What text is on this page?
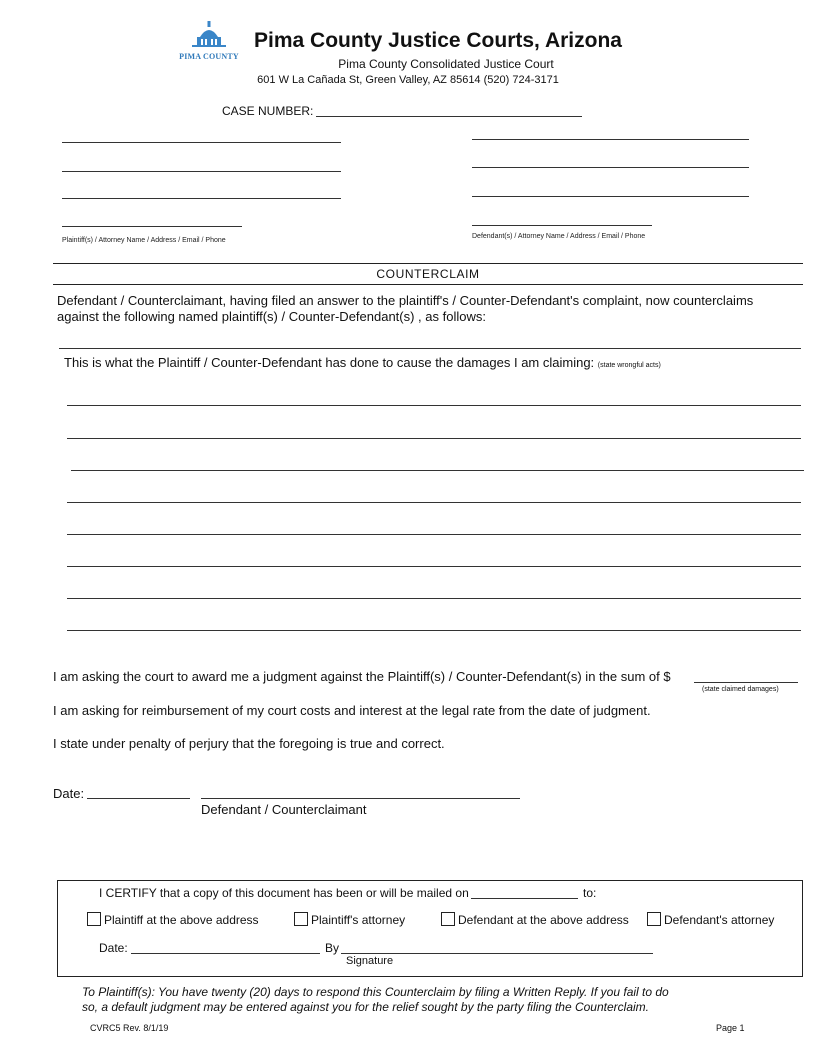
PIMA COUNTY
Pima County Justice Courts, Arizona
Pima County Consolidated Justice Court
601 W La Cañada St, Green Valley, AZ 85614 (520) 724-3171
CASE NUMBER:
Plaintiff(s) / Attorney Name / Address / Email / Phone
Defendant(s) / Attorney Name / Address / Email / Phone
COUNTERCLAIM
Defendant / Counterclaimant, having filed an answer to the plaintiff's / Counter-Defendant's complaint, now counterclaims
against the following named plaintiff(s) / Counter-Defendant(s) , as follows:
This is what the Plaintiff / Counter-Defendant has done to cause the damages I am claiming: (state wrongful acts)
I am asking the court to award me a judgment against the Plaintiff(s) / Counter-Defendant(s) in the sum of $
(state claimed damages)
I am asking for reimbursement of my court costs and interest at the legal rate from the date of judgment.
I state under penalty of perjury that the foregoing is true and correct.
Date:
Defendant / Counterclaimant
I CERTIFY that a copy of this document has been or will be mailed on	to:
Plaintiff at the above address	Plaintiff's attorney	Defendant at the above address	Defendant's attorney
Date:	By
Signature
To Plaintiff(s): You have twenty (20) days to respond this Counterclaim by filing a Written Reply. If you fail to do
so, a default judgment may be entered against you for the relief sought by the party filing the Counterclaim.
CVRC5 Rev. 8/1/19	Page 1
